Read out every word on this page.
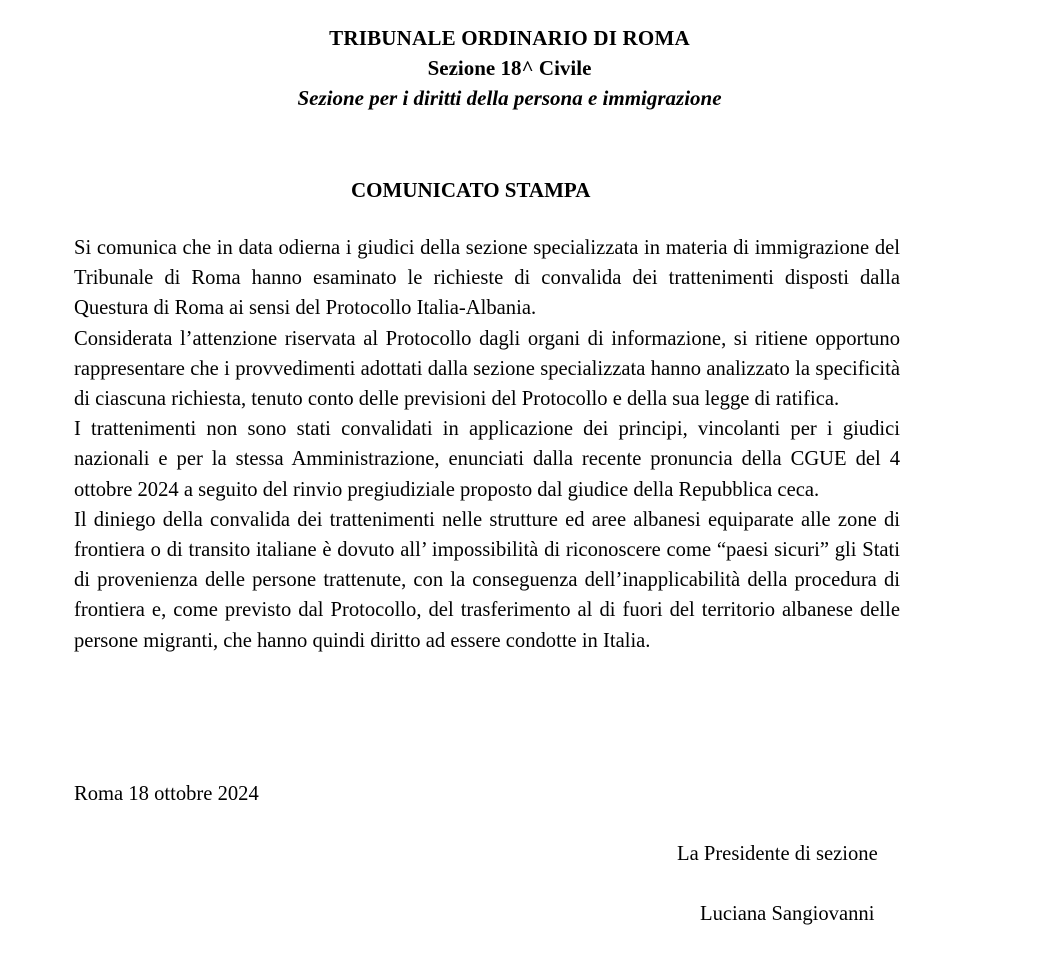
TRIBUNALE ORDINARIO DI ROMA

Sezione 18^ Civile

Sezione per i diritti della persona e immigrazione

COMUNICATO STAMPA

Si comunica che in data odierna i giudici della sezione specializzata in materia di immigrazione del Tribunale di Roma hanno esaminato le richieste di convalida dei trattenimenti disposti dalla Questura di Roma ai sensi del Protocollo Italia-Albania.

Considerata l’attenzione riservata al Protocollo dagli organi di informazione, si ritiene opportuno rappresentare che i provvedimenti adottati dalla sezione specializzata hanno analizzato la specificità di ciascuna richiesta, tenuto conto delle previsioni del Protocollo e della sua legge di ratifica.

I trattenimenti non sono stati convalidati in applicazione dei principi, vincolanti per i giudici nazionali e per la stessa Amministrazione, enunciati dalla recente pronuncia della CGUE del 4 ottobre 2024 a seguito del rinvio pregiudiziale proposto dal giudice della Repubblica ceca.

Il diniego della convalida dei trattenimenti nelle strutture ed aree albanesi equiparate alle zone di frontiera o di transito italiane è dovuto all’ impossibilità di riconoscere come “paesi sicuri” gli Stati di provenienza delle persone trattenute, con la conseguenza dell’inapplicabilità della procedura di frontiera e, come previsto dal Protocollo, del trasferimento al di fuori del territorio albanese delle persone migranti, che hanno quindi diritto ad essere condotte in Italia.

Roma 18 ottobre 2024

La Presidente di sezione

Luciana Sangiovanni
